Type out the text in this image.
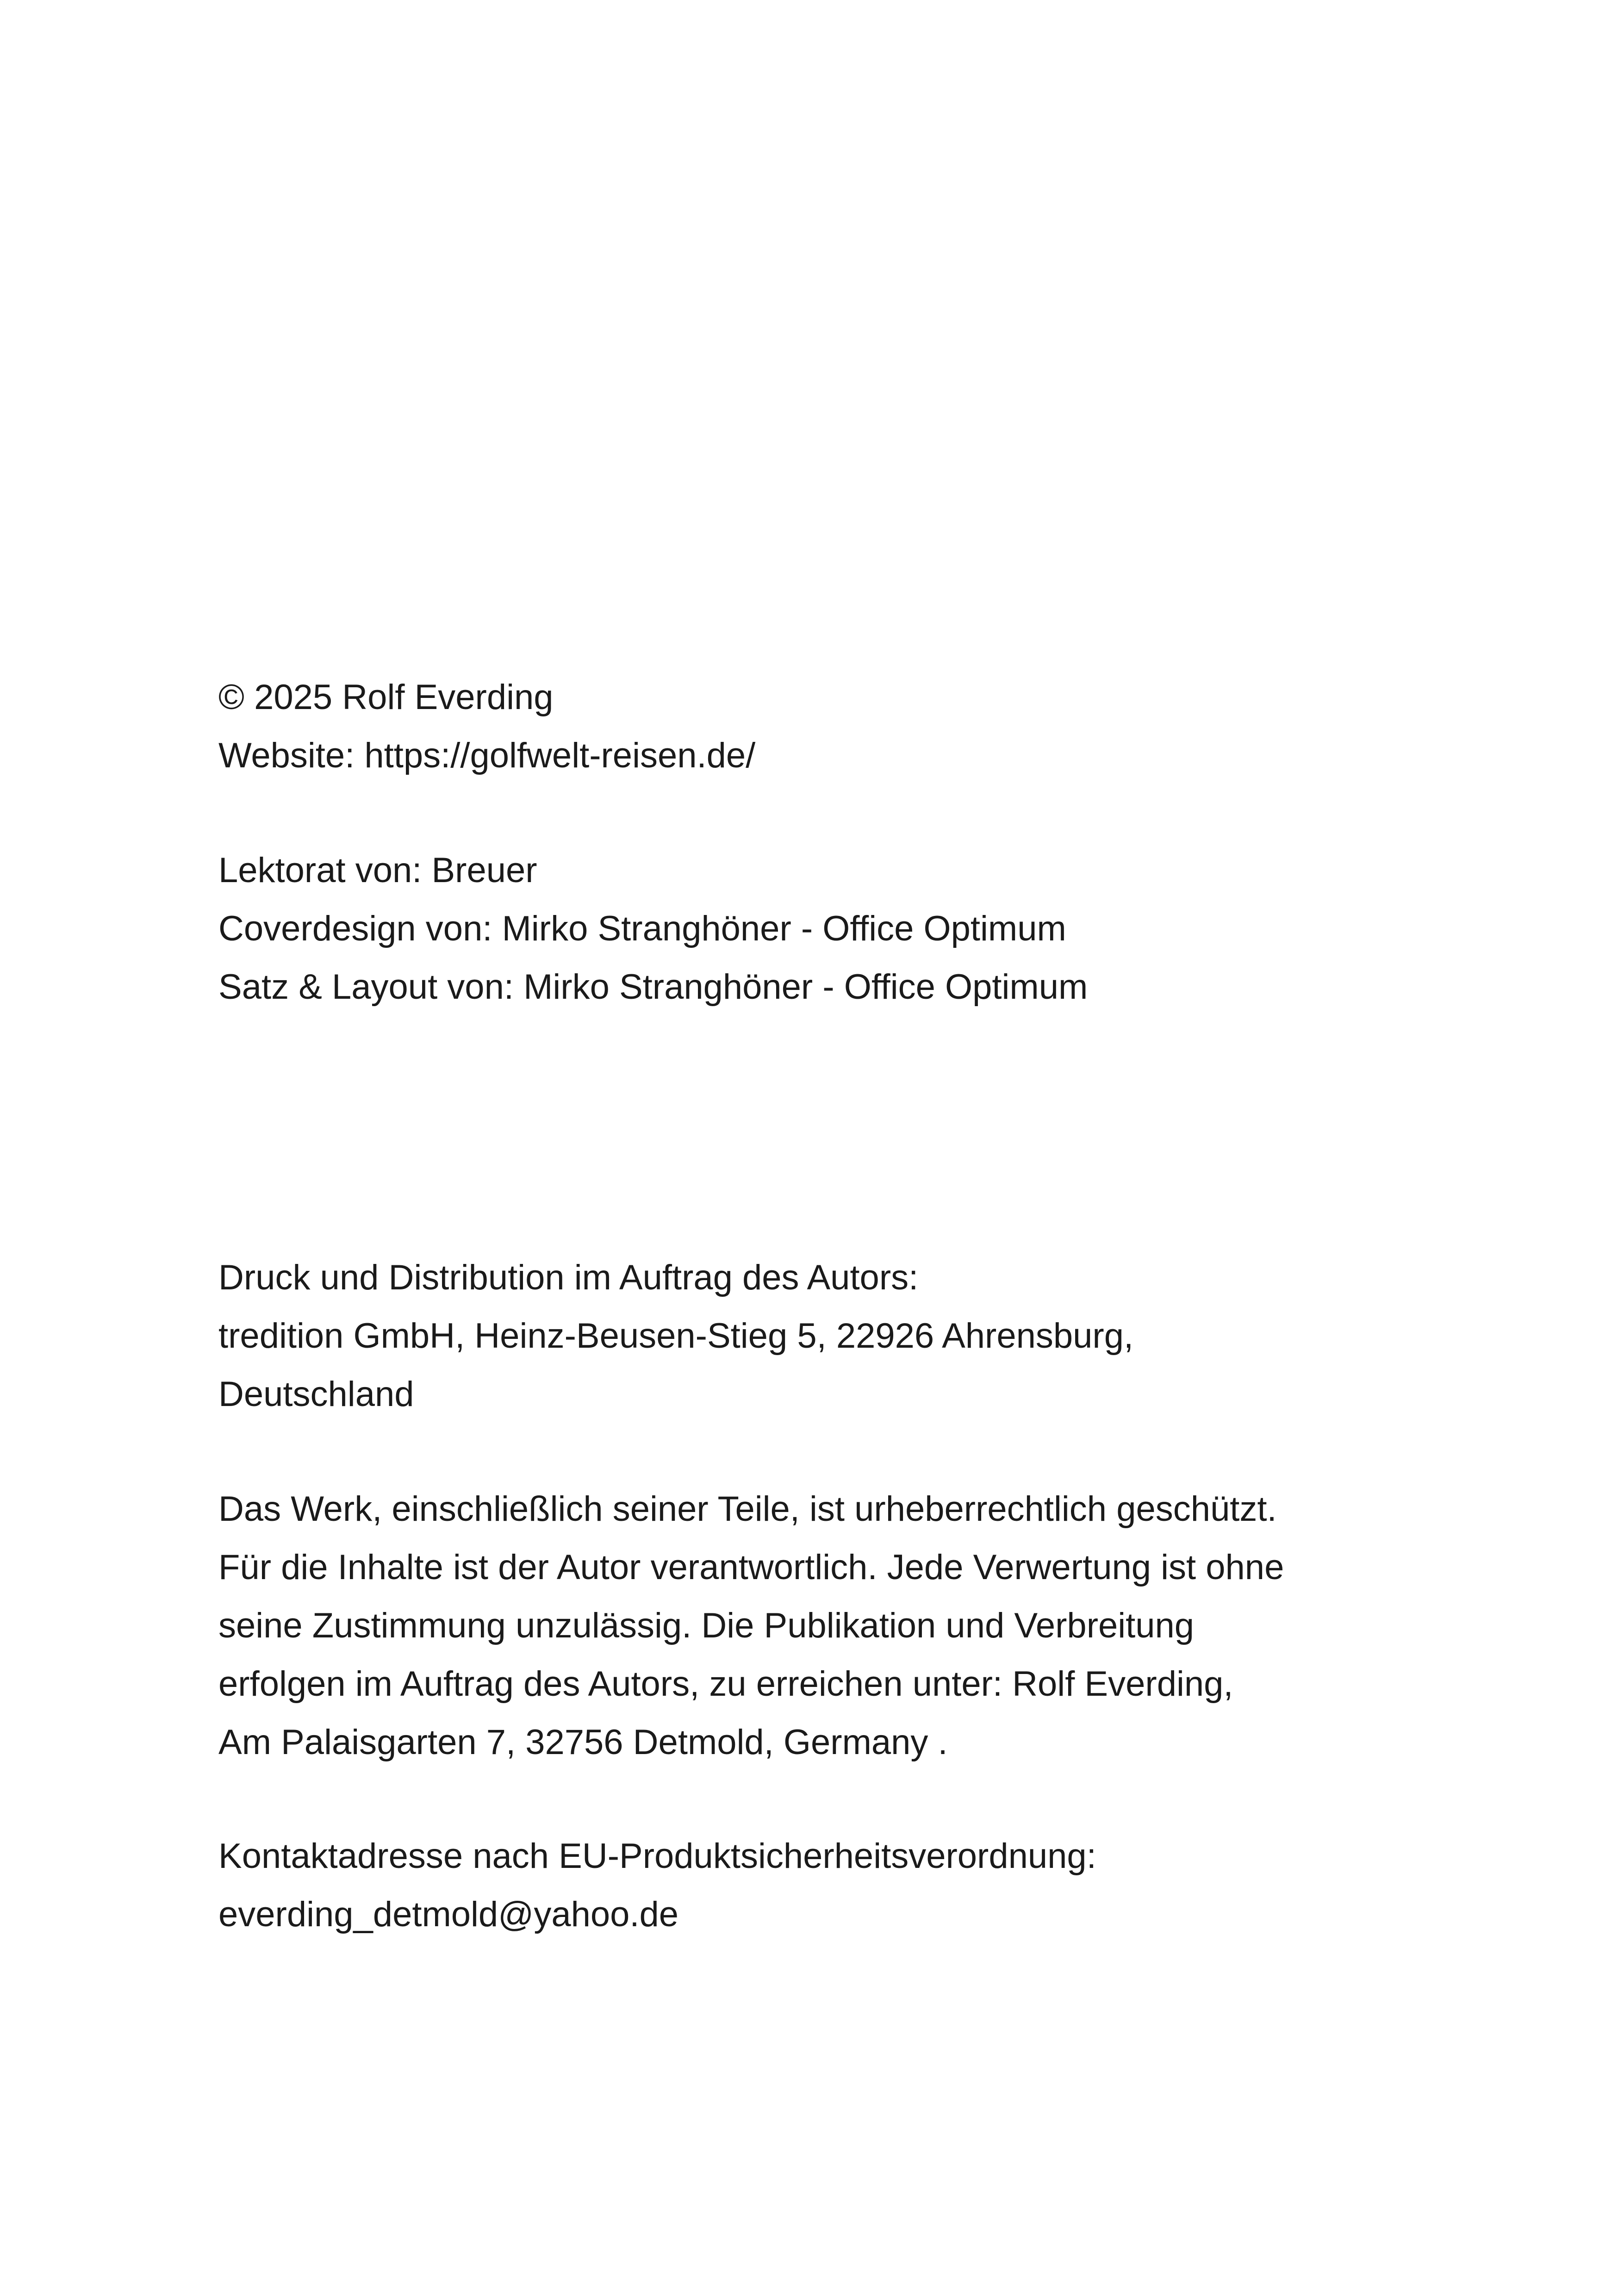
© 2025 Rolf Everding
Website: https://golfwelt-reisen.de/
Lektorat von: Breuer
Coverdesign von: Mirko Stranghöner - Office Optimum
Satz & Layout von: Mirko Stranghöner - Office Optimum
Druck und Distribution im Auftrag des Autors:
tredition GmbH, Heinz-Beusen-Stieg 5, 22926 Ahrensburg,
Deutschland
Das Werk, einschließlich seiner Teile, ist urheberrechtlich geschützt.
Für die Inhalte ist der Autor verantwortlich. Jede Verwertung ist ohne
seine Zustimmung unzulässig. Die Publikation und Verbreitung
erfolgen im Auftrag des Autors, zu erreichen unter: Rolf Everding,
Am Palaisgarten 7, 32756 Detmold, Germany .
Kontaktadresse nach EU-Produktsicherheitsverordnung:
everding_detmold@yahoo.de
